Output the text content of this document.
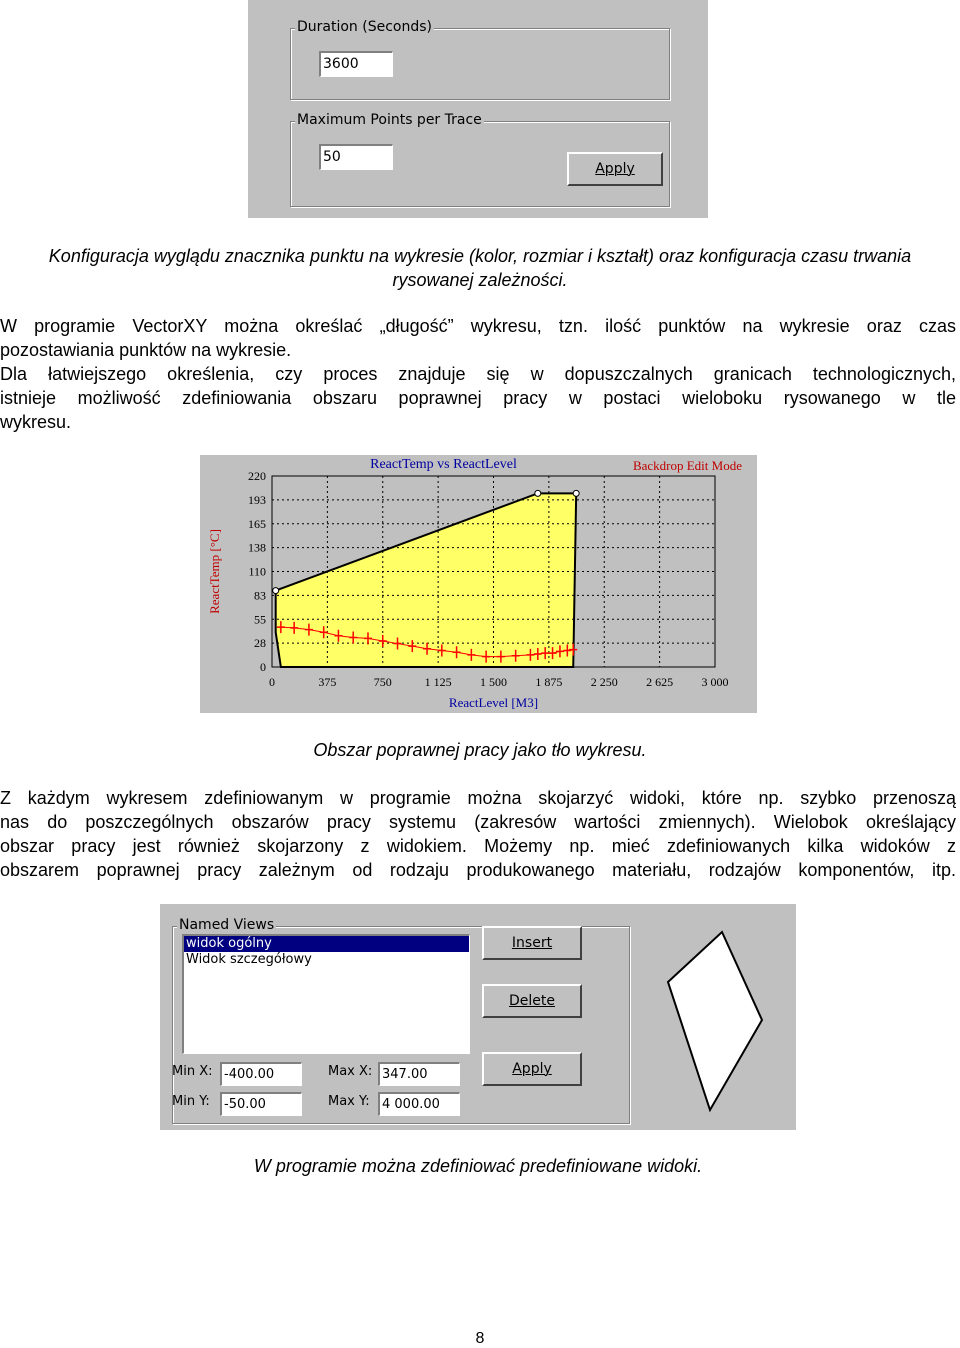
Duration (Seconds)
3600
Maximum Points per Trace
50
Apply
Konfiguracja wyglądu znacznika punktu na wykresie (kolor, rozmiar i kształt) oraz konfiguracja czasu trwania rysowanej zależności.

W programie VectorXY można określać „długość” wykresu, tzn. ilość punktów na wykresie oraz czas

pozostawiania punktów na wykresie.

Dla łatwiejszego określenia, czy proces znajduje się w dopuszczalnych granicach technologicznych,

istnieje możliwość zdefiniowania obszaru poprawnej pracy w postaci wieloboku rysowanego w tle

wykresu.

0	375	750	1 125 1 500 1 875 2 250 2 625 3 000
220
193
165
138
110
83
55
28
0
ReactTemp vs ReactLevel	Backdrop Edit Mode
ReactLevel [M3]
ReactTemp [°C]
Obszar poprawnej pracy jako tło wykresu.

Z każdym wykresem zdefiniowanym w programie można skojarzyć widoki, które np. szybko przenoszą

nas do poszczególnych obszarów pracy systemu (zakresów wartości zmiennych). Wielobok określający

obszar pracy jest również skojarzony z widokiem. Możemy np. mieć zdefiniowanych kilka widoków z

obszarem poprawnej pracy zależnym od rodzaju produkowanego materiału, rodzajów komponentów, itp.

Named Views
widok ogólny
Widok szczegółowy
Insert
Delete
Apply
Min X: -400.00	Max X: 347.00
Min Y:	-50.00	Max Y: 4 000.00
W programie można zdefiniować predefiniowane widoki.
8
